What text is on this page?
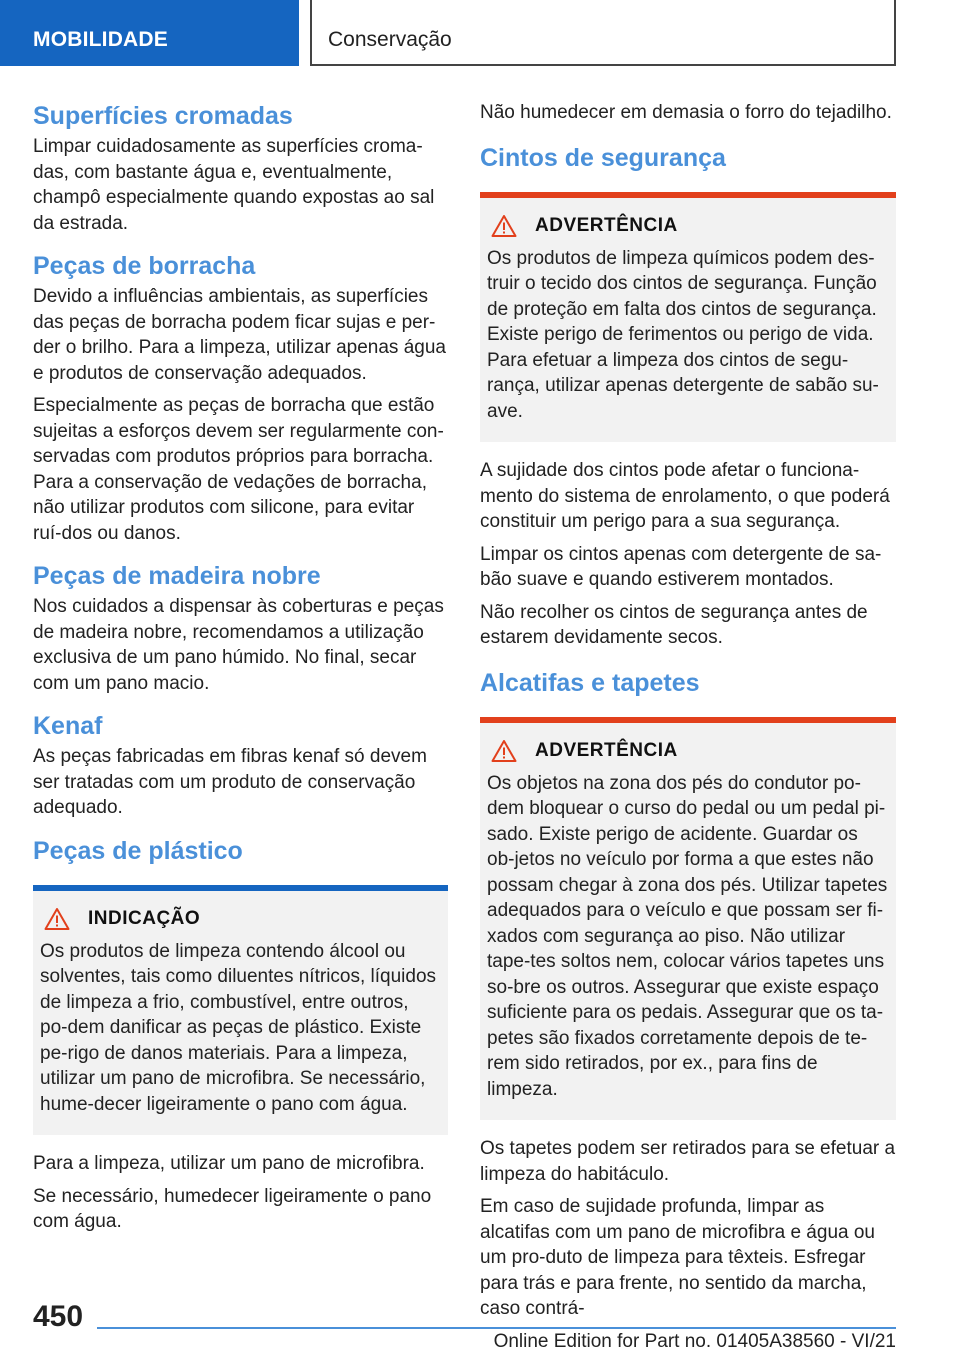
MOBILIDADE	Conservação
Superfícies cromadas

Limpar cuidadosamente as superfícies croma‐das, com bastante água e, eventualmente, champô especialmente quando expostas ao sal da estrada.

Peças de borracha

Devido a influências ambientais, as superfícies das peças de borracha podem ficar sujas e per‐der o brilho. Para a limpeza, utilizar apenas água e produtos de conservação adequados.

Especialmente as peças de borracha que estão sujeitas a esforços devem ser regularmente con‐servadas com produtos próprios para borracha. Para a conservação de vedações de borracha, não utilizar produtos com silicone, para evitar ruí‐dos ou danos.

Peças de madeira nobre

Nos cuidados a dispensar às coberturas e peças de madeira nobre, recomendamos a utilização exclusiva de um pano húmido. No final, secar com um pano macio.

Kenaf

As peças fabricadas em fibras kenaf só devem ser tratadas com um produto de conservação adequado.

Peças de plástico
INDICAÇÃO

Os produtos de limpeza contendo álcool ou solventes, tais como diluentes nítricos, líquidos de limpeza a frio, combustível, entre outros, po‐dem danificar as peças de plástico. Existe pe‐rigo de danos materiais. Para a limpeza, utilizar um pano de microfibra. Se necessário, hume‐decer ligeiramente o pano com água.

Para a limpeza, utilizar um pano de microfibra.

Se necessário, humedecer ligeiramente o pano com água.

Não humedecer em demasia o forro do tejadilho.

Cintos de segurança
ADVERTÊNCIA

Os produtos de limpeza químicos podem des‐truir o tecido dos cintos de segurança. Função de proteção em falta dos cintos de segurança. Existe perigo de ferimentos ou perigo de vida. Para efetuar a limpeza dos cintos de segu‐rança, utilizar apenas detergente de sabão su‐ave.

A sujidade dos cintos pode afetar o funciona‐mento do sistema de enrolamento, o que poderá constituir um perigo para a sua segurança.

Limpar os cintos apenas com detergente de sa‐bão suave e quando estiverem montados.

Não recolher os cintos de segurança antes de estarem devidamente secos.

Alcatifas e tapetes
ADVERTÊNCIA

Os objetos na zona dos pés do condutor po‐dem bloquear o curso do pedal ou um pedal pi‐sado. Existe perigo de acidente. Guardar os ob‐jetos no veículo por forma a que estes não possam chegar à zona dos pés. Utilizar tapetes adequados para o veículo e que possam ser fi‐xados com segurança ao piso. Não utilizar tape‐tes soltos nem, colocar vários tapetes uns so‐bre os outros. Assegurar que existe espaço suficiente para os pedais. Assegurar que os ta‐petes são fixados corretamente depois de te‐rem sido retirados, por ex., para fins de limpeza.

Os tapetes podem ser retirados para se efetuar a limpeza do habitáculo.

Em caso de sujidade profunda, limpar as alcatifas com um pano de microfibra e água ou um pro‐duto de limpeza para têxteis. Esfregar para trás e para frente, no sentido da marcha, caso contrá‐

450
Online Edition for Part no. 01405A38560 - VI/21
